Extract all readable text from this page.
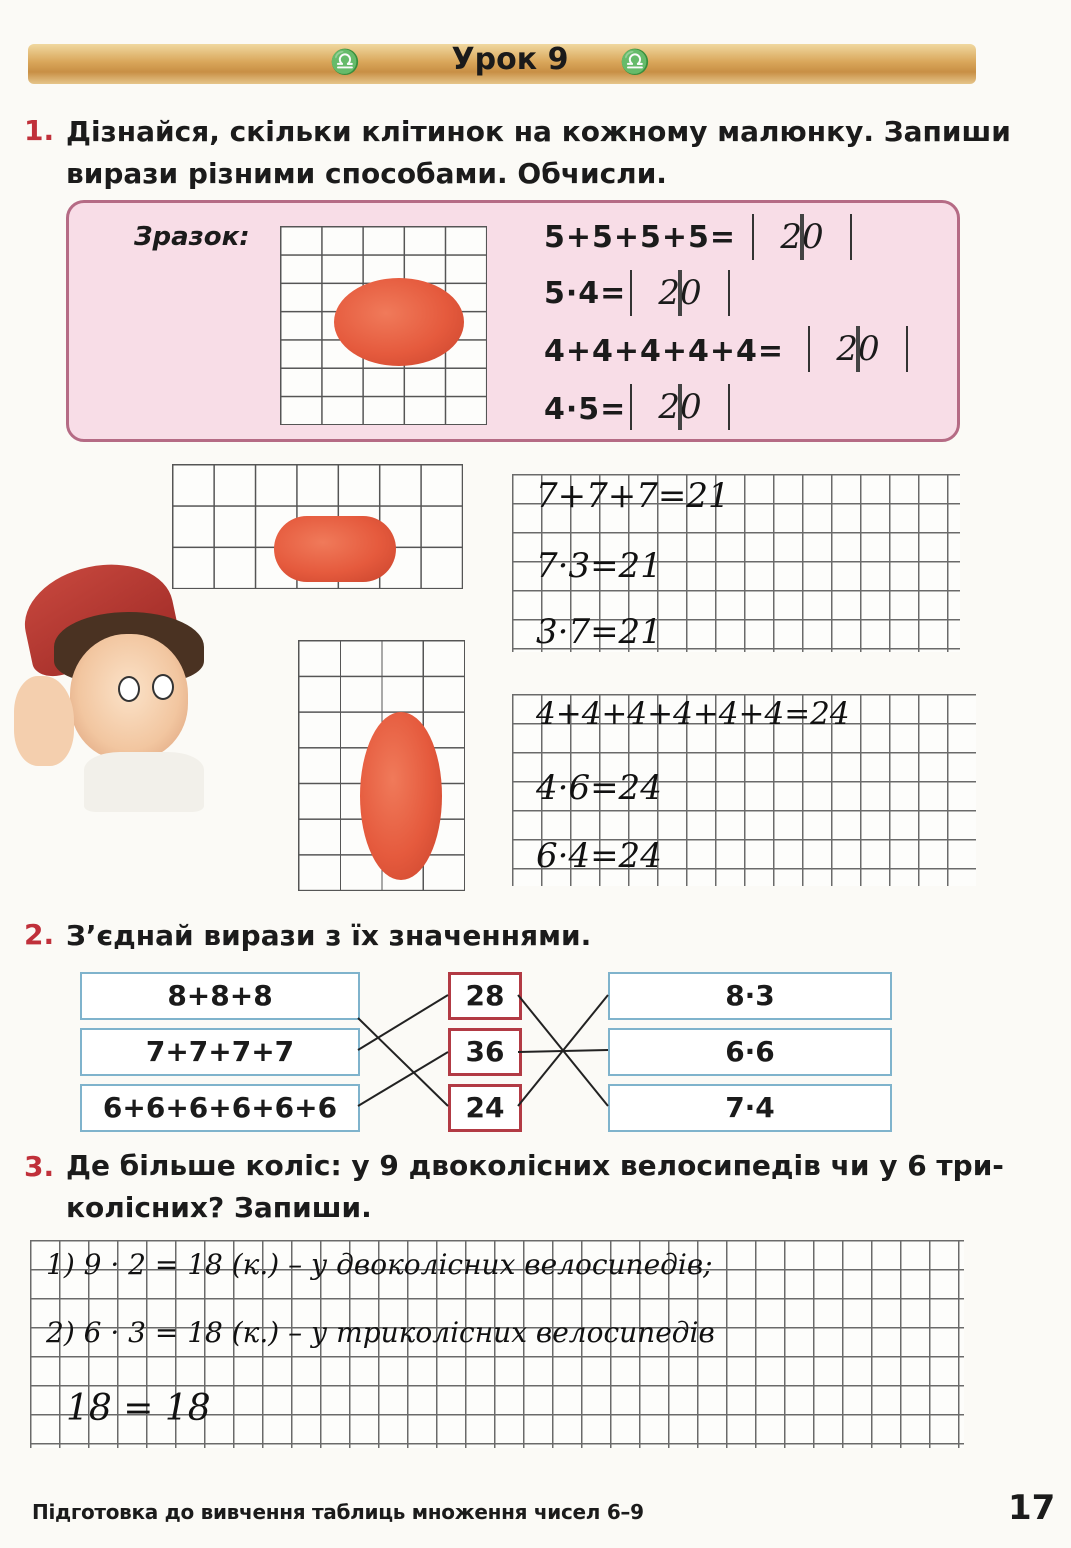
♎	♎
Урок 9
1. Дізнайся, скільки клітинок на кожному малюнку. Запиши
вирази різними способами. Обчисли.
Зразок:	5+5+5+5=	20
5·4= 20
4+4+4+4+4=	20
4·5= 20
7+7+7=21
7·3=21
3·7=21
4+4+4+4+4+4=24
4·6=24
6·4=24
2. З’єднай вирази з їх значеннями.
8+8+8
7+7+7+7
6+6+6+6+6+6
28
36
24
8·3
6·6
7·4
3. Де більше коліс: у 9 двоколісних велосипедів чи у 6 три-
колісних? Запиши.
1) 9 · 2 = 18 (к.) – у двоколісних велосипедів;
2) 6 · 3 = 18 (к.) – у триколісних велосипедів
18 = 18
Підготовка до вивчення таблиць множення чисел 6–9	17
